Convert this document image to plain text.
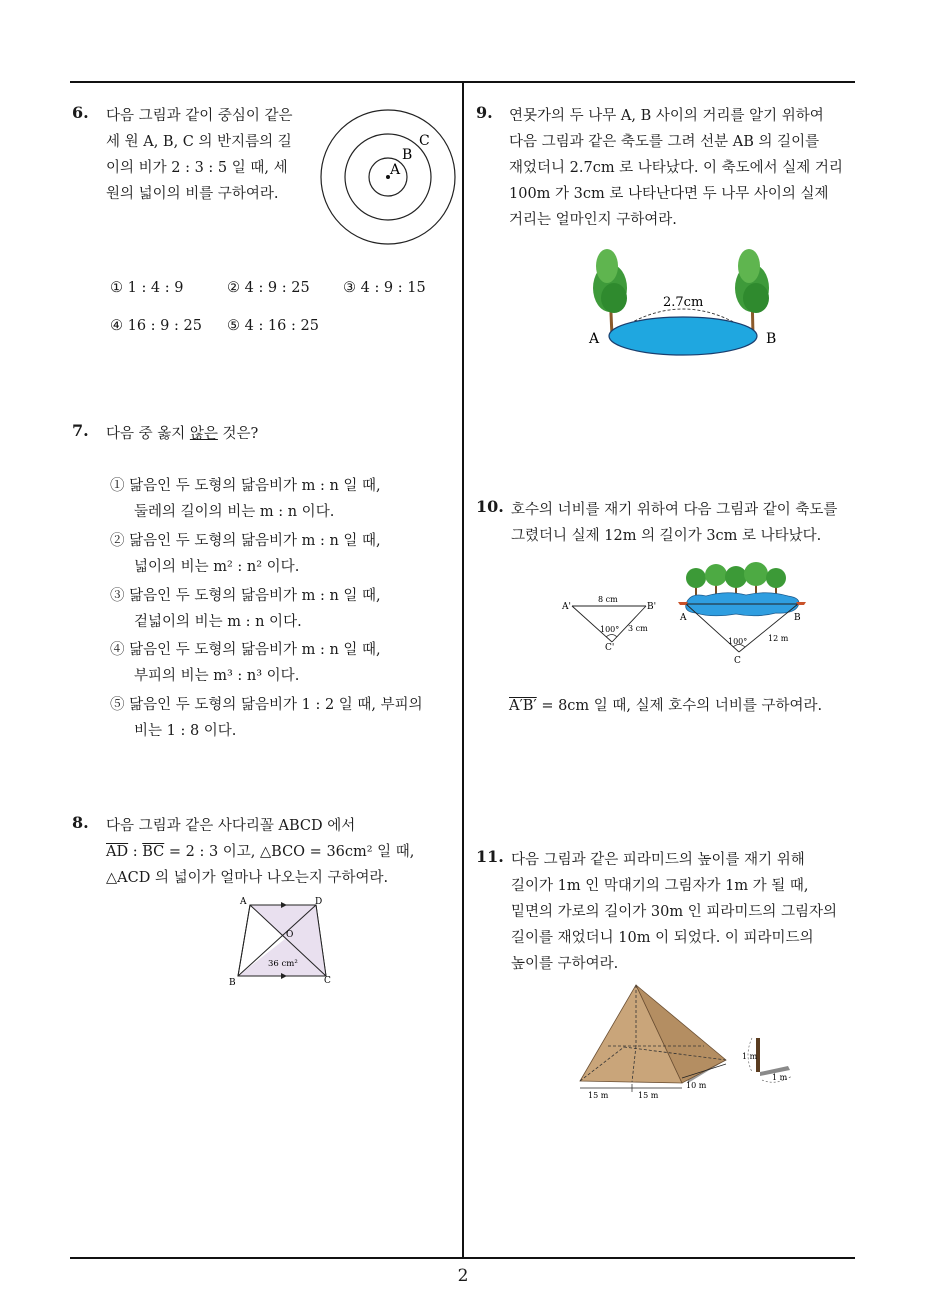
6. 다음 그림과 같이 중심이 같은
세 원 A, B, C 의 반지름의 길
이의 비가 2 : 3 : 5 일 때, 세
원의 넓이의 비를 구하여라.
A
B
C
① 1 : 4 : 9	② 4 : 9 : 25 ③ 4 : 9 : 15
④ 16 : 9 : 25 ⑤ 4 : 16 : 25
7. 다음 중 옳지 않은 것은?
① 닮음인 두 도형의 닮음비가 m : n 일 때,
둘레의 길이의 비는 m : n 이다.
② 닮음인 두 도형의 닮음비가 m : n 일 때,
넓이의 비는 m² : n² 이다.
③ 닮음인 두 도형의 닮음비가 m : n 일 때,
겉넓이의 비는 m : n 이다.
④ 닮음인 두 도형의 닮음비가 m : n 일 때,
부피의 비는 m³ : n³ 이다.
⑤ 닮음인 두 도형의 닮음비가 1 : 2 일 때, 부피의
비는 1 : 8 이다.
8. 다음 그림과 같은 사다리꼴 ABCD 에서
$\overline{AD}$ : $\overline{BC} = 2$ : 3 이고, △BCO = 36cm² 일 때,
△ACD 의 넓이가 얼마나 나오는지 구하여라.
A	D
B	C
O
36 cm²
9. 연못가의 두 나무 A, B 사이의 거리를 알기 위하여
다음 그림과 같은 축도를 그려 선분 AB 의 길이를
재었더니 2.7cm 로 나타났다. 이 축도에서 실제 거리
100m 가 3cm 로 나타난다면 두 나무 사이의 실제
거리는 얼마인지 구하여라.
2.7cm
A	B
10. 호수의 너비를 재기 위하여 다음 그림과 같이 축도를
그렸더니 실제 12m 의 길이가 3cm 로 나타났다.
A'	B'
C'
8 cm
100° 3 cm
A	B
C
100°	12 m
A′B′ = 8cm 일 때, 실제 호수의 너비를 구하여라.
11. 다음 그림과 같은 피라미드의 높이를 재기 위해
길이가 1m 인 막대기의 그림자가 1m 가 될 때,
밑면의 가로의 길이가 30m 인 피라미드의 그림자의
길이를 재었더니 10m 이 되었다. 이 피라미드의
높이를 구하여라.
15 m	15 m
10 m
1 m
1 m
2
